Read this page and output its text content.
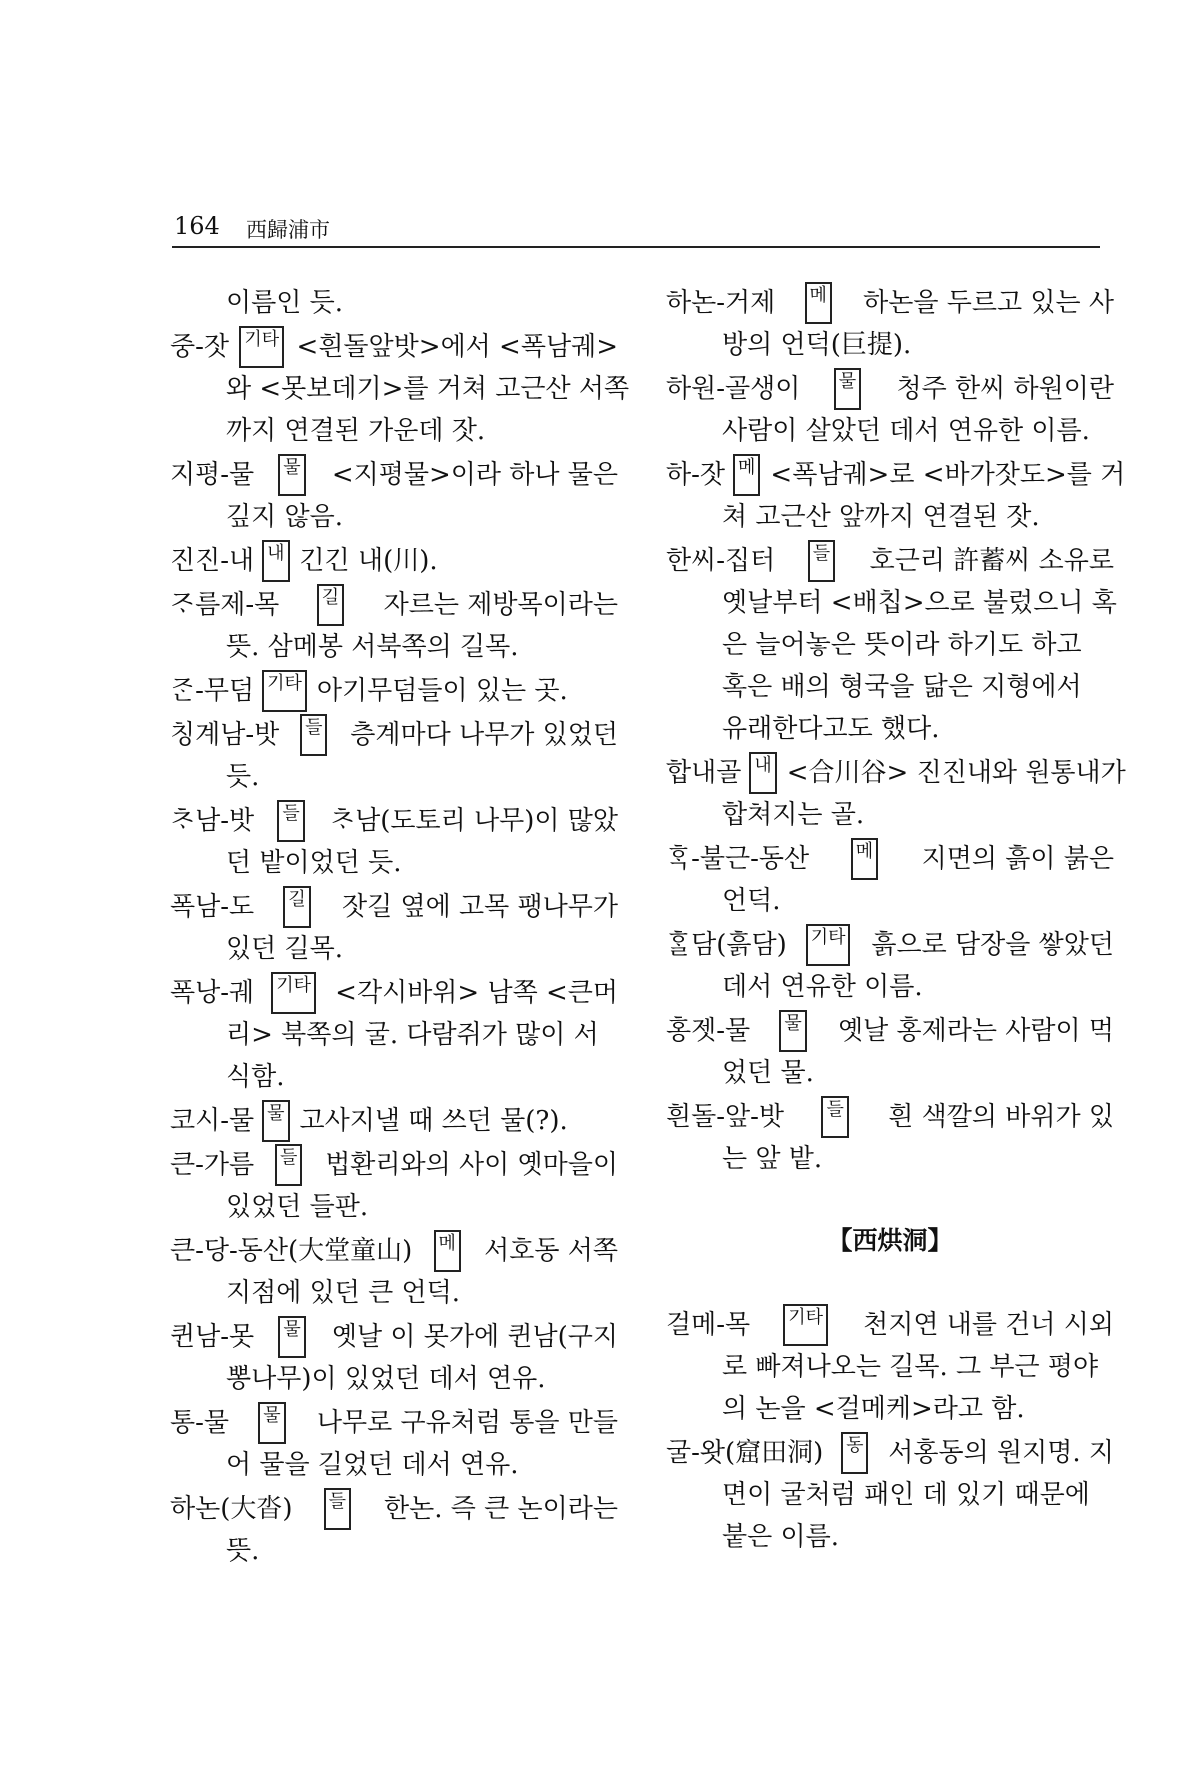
164 西歸浦市
이름인 듯.
중-잣 기타 <흰돌앞밧>에서 <폭남궤>
와 <못보데기>를 거쳐 고근산 서쪽
까지 연결된 가운데 잣.
지평-물 물 <지평물>이라 하나 물은
깊지 않음.
진진-내 내 긴긴 내(川).
ᄌᆞ름제-목 길 자르는 제방목이라는
뜻. 삼메봉 서북쪽의 길목.
ᄌᆞᆫ-무덤 기타 아기무덤들이 있는 곳.
칭계남-밧 들 층계마다 나무가 있었던
듯.
ᄎᆞ남-밧 들 ᄎᆞ남(도토리 나무)이 많았
던 밭이었던 듯.
폭남-도 길 잣길 옆에 고목 팽나무가
있던 길목.
폭낭-궤 기타 <각시바위> 남쪽 <큰머
리> 북쪽의 굴. 다람쥐가 많이 서
식함.
코시-물 물 고사지낼 때 쓰던 물(?).
큰-가름 들 법환리와의 사이 옛마을이
있었던 들판.
큰-당-동산(大堂童山) 메 서호동 서쪽
지점에 있던 큰 언덕.
퀸남-못 물 옛날 이 못가에 퀸남(구지
뽕나무)이 있었던 데서 연유.
통-물 물 나무로 구유처럼 통을 만들
어 물을 길었던 데서 연유.
하논(大沓) 들 한논. 즉 큰 논이라는
뜻.
하논-거제 메 하논을 두르고 있는 사
방의 언덕(巨提).
하원-골생이 물 청주 한씨 하원이란
사람이 살았던 데서 연유한 이름.
하-잣 메 <폭남궤>로 <바가잣도>를 거
쳐 고근산 앞까지 연결된 잣.
한씨-집터 들 호근리 許蓄씨 소유로
옛날부터 <배칩>으로 불렀으니 혹
은 늘어놓은 뜻이라 하기도 하고
혹은 배의 형국을 닮은 지형에서
유래한다고도 했다.
합내골 내 <合川谷> 진진내와 원통내가
합쳐지는 골.
ᄒᆞᆨ-불근-동산	메 지면의 흙이 붉은
언덕.
ᄒᆞᆯ담(흙담) 기타 흙으로 담장을 쌓았던
데서 연유한 이름.
홍젯-물 물 옛날 홍제라는 사람이 먹
었던 물.
흰돌-앞-밧 들 흰 색깔의 바위가 있
는 앞 밭.
【西烘洞】
걸메-목 기타 천지연 내를 건너 시외
로 빠져나오는 길목. 그 부근 평야
의 논을 <걸메케>라고 함.
굴-왓(窟田洞) 동 서홍동의 원지명. 지
면이 굴처럼 패인 데 있기 때문에
붙은 이름.
